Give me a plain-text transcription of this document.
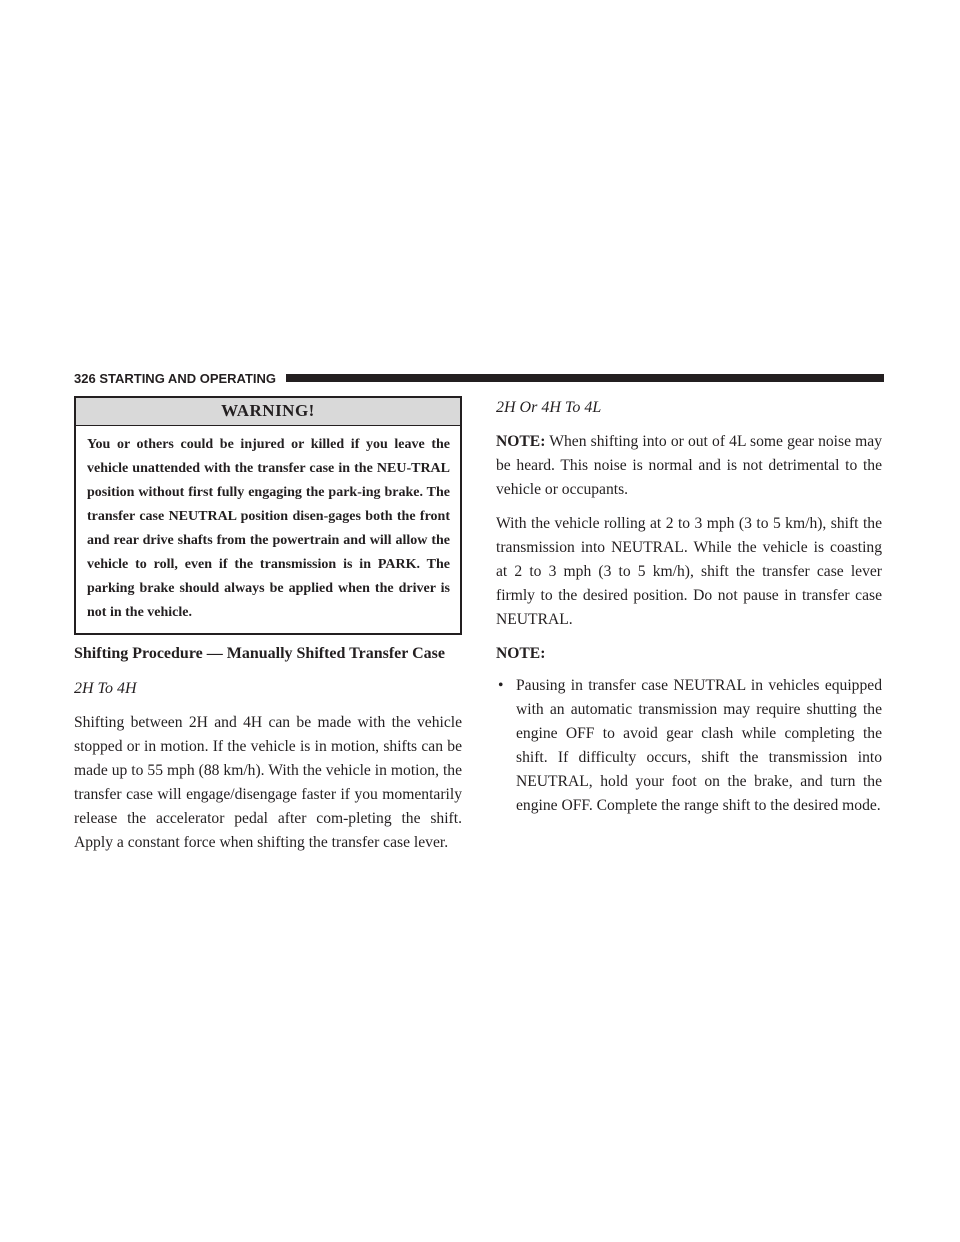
326 STARTING AND OPERATING
WARNING!
You or others could be injured or killed if you leave the vehicle unattended with the transfer case in the NEU-TRAL position without first fully engaging the park-ing brake. The transfer case NEUTRAL position disen-gages both the front and rear drive shafts from the powertrain and will allow the vehicle to roll, even if the transmission is in PARK. The parking brake should always be applied when the driver is not in the vehicle.

Shifting Procedure — Manually Shifted Transfer Case

2H To 4H

Shifting between 2H and 4H can be made with the vehicle stopped or in motion. If the vehicle is in motion, shifts can be made up to 55 mph (88 km/h). With the vehicle in motion, the transfer case will engage/disengage faster if you momentarily release the accelerator pedal after com-pleting the shift. Apply a constant force when shifting the transfer case lever.

2H Or 4H To 4L

NOTE: When shifting into or out of 4L some gear noise may be heard. This noise is normal and is not detrimental to the vehicle or occupants.

With the vehicle rolling at 2 to 3 mph (3 to 5 km/h), shift the transmission into NEUTRAL. While the vehicle is coasting at 2 to 3 mph (3 to 5 km/h), shift the transfer case lever firmly to the desired position. Do not pause in transfer case NEUTRAL.

NOTE:

• Pausing in transfer case NEUTRAL in vehicles equipped with an automatic transmission may require shutting the engine OFF to avoid gear clash while completing the shift. If difficulty occurs, shift the transmission into NEUTRAL, hold your foot on the brake, and turn the engine OFF. Complete the range shift to the desired mode.
